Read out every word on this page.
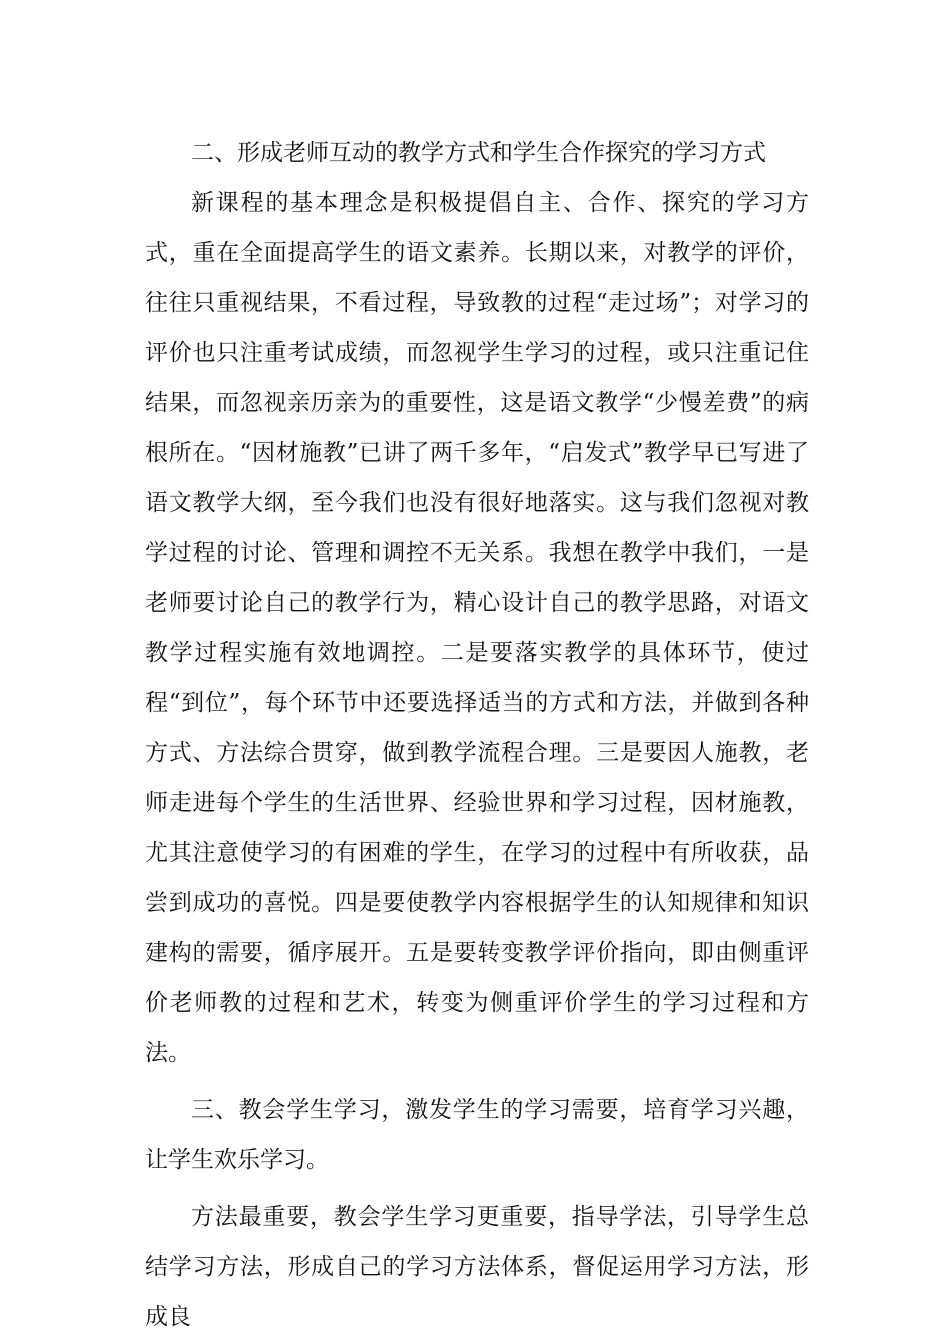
二、形成老师互动的教学方式和学生合作探究的学习方式

新课程的基本理念是积极提倡自主、合作、探究的学习方式，重在全面提高学生的语文素养。长期以来，对教学的评价，往往只重视结果，不看过程，导致教的过程“走过场”；对学习的评价也只注重考试成绩，而忽视学生学习的过程，或只注重记住结果，而忽视亲历亲为的重要性，这是语文教学“少慢差费”的病根所在。“因材施教”已讲了两千多年，“启发式”教学早已写进了语文教学大纲，至今我们也没有很好地落实。这与我们忽视对教学过程的讨论、管理和调控不无关系。我想在教学中我们，一是老师要讨论自己的教学行为，精心设计自己的教学思路，对语文教学过程实施有效地调控。二是要落实教学的具体环节，使过程“到位”，每个环节中还要选择适当的方式和方法，并做到各种方式、方法综合贯穿，做到教学流程合理。三是要因人施教，老师走进每个学生的生活世界、经验世界和学习过程，因材施教，尤其注意使学习的有困难的学生，在学习的过程中有所收获，品尝到成功的喜悦。四是要使教学内容根据学生的认知规律和知识建构的需要，循序展开。五是要转变教学评价指向，即由侧重评价老师教的过程和艺术，转变为侧重评价学生的学习过程和方法。

三、教会学生学习，激发学生的学习需要，培育学习兴趣，让学生欢乐学习。

方法最重要，教会学生学习更重要，指导学法，引导学生总结学习方法，形成自己的学习方法体系，督促运用学习方法，形成良
